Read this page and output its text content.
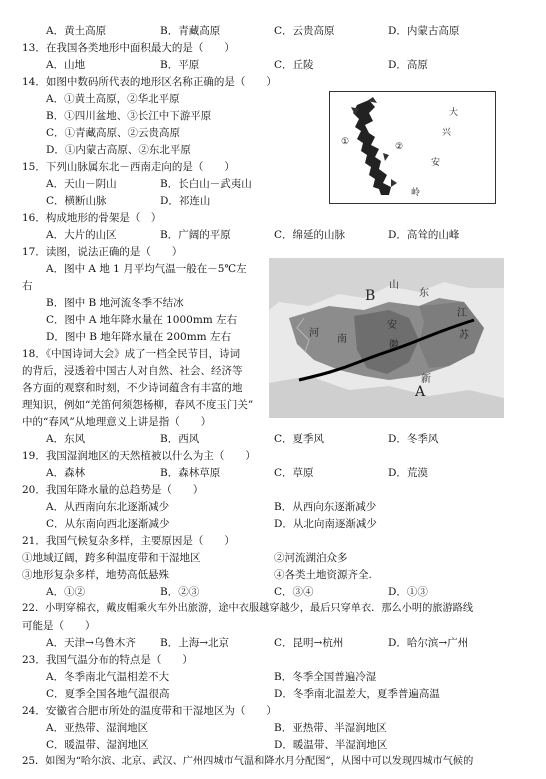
A．黄土高原	B．青藏高原	C．云贵高原	D．内蒙古高原
13．在我国各类地形中面积最大的是（　　）
A．山地	B．平原	C．丘陵	D．高原
14．如图中数码所代表的地形区名称正确的是（　　）
A．①黄土高原，②华北平原
B．①四川盆地、③长江中下游平原
C．①青藏高原、②云贵高原
D．①内蒙古高原、②东北平原
①	②
大
兴
安
岭
15．下列山脉属东北－西南走向的是（　　）
A．天山－阴山	B．长白山－武夷山
C．横断山脉	D．祁连山
16．构成地形的骨架是（　）
A．大片的山区	B．广阔的平原	C．绵延的山脉	D．高耸的山峰
17．读图，说法正确的是（　　）
A．图中 A 地 1 月平均气温一般在－5℃左
右
B．图中 B 地河流冬季不结冰
C．图中 A 地年降水量在 1000mm 左右
D．图中 B 地年降水量在 200mm 左右
B
A
山
东
江
苏
河
南
安
徽
新
18．《中国诗词大会》成了一档全民节目，诗词
的背后，浸透着中国古人对自然、社会、经济等
各方面的观察和时刻，不少诗词蕴含有丰富的地
理知识，例如“羌笛何须怨杨柳，春风不度玉门关”
中的“春风”从地理意义上讲是指（　　）
A．东风	B．西风	C．夏季风	D．冬季风
19．我国湿润地区的天然植被以什么为主（　　）
A．森林	B．森林草原	C．草原	D．荒漠
20．我国年降水量的总趋势是（　　）
A．从西南向东北逐渐减少	B．从西向东逐渐减少
C．从东南向西北逐渐减少	D．从北向南逐渐减少
21．我国气候复杂多样，主要原因是（　　）
①地域辽阔，跨多种温度带和干湿地区	②河流湖泊众多
③地形复杂多样，地势高低悬殊	④各类土地资源齐全.
A．①②	B．②③	C．③④	D．①③
22．小明穿棉衣，戴皮帽乘火车外出旅游，途中衣服越穿越少，最后只穿单衣．那么小明的旅游路线
可能是（　　）
A．天津→乌鲁木齐 B．上海→北京	C．昆明→杭州	D．哈尔滨→广州
23．我国气温分布的特点是（　　）
A．冬季南北气温相差不大	B．冬季全国普遍冷湿
C．夏季全国各地气温很高	D．冬季南北温差大，夏季普遍高温
24．安徽省合肥市所处的温度带和干湿地区为（　　）
A．亚热带、湿润地区	B．亚热带、半湿润地区
C．暖温带、湿润地区	D．暖温带、半湿润地区
25．如图为“哈尔滨、北京、武汉、广州四城市气温和降水月分配图”，从图中可以发现四城市气候的
